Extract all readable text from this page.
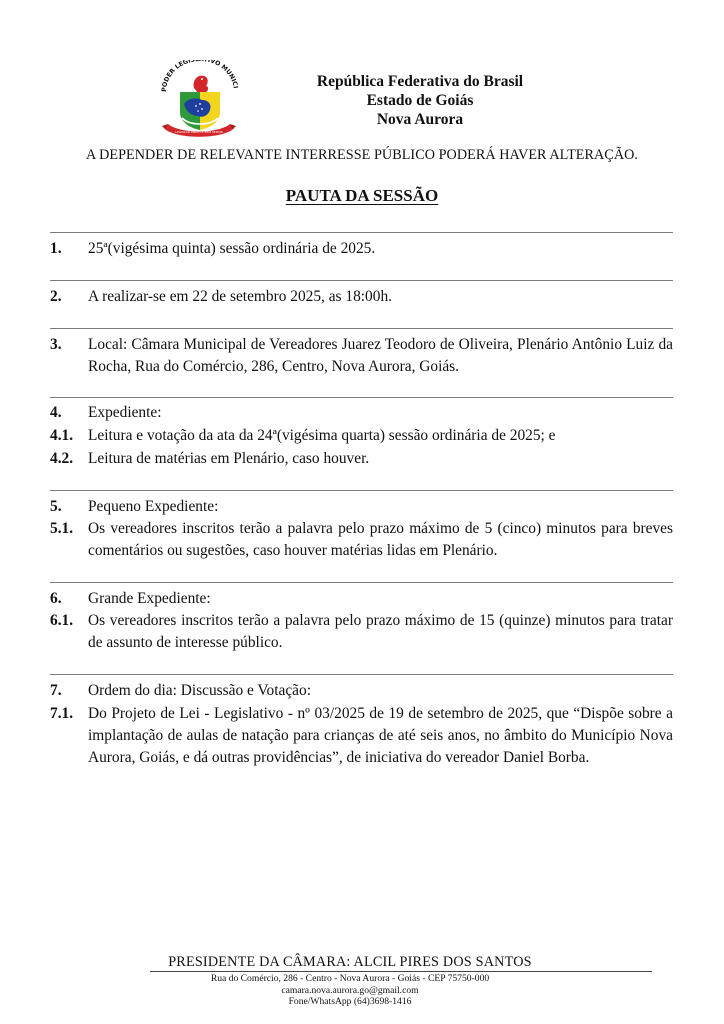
PODER LEGIS IVO MUNICI
LEGISLAR UNIDO E BEM SERVIR
República Federativa do Brasil
Estado de Goiás
Nova Aurora
A DEPENDER DE RELEVANTE INTERRESSE PÚBLICO PODERÁ HAVER ALTERAÇÃO.
PAUTA DA SESSÃO
1. 25ª(vigésima quinta) sessão ordinária de 2025.
2. A realizar-se em 22 de setembro 2025, as 18:00h.
3. Local: Câmara Municipal de Vereadores Juarez Teodoro de Oliveira, Plenário Antônio Luiz da Rocha, Rua do Comércio, 286, Centro, Nova Aurora, Goiás.
4. Expediente:
4.1. Leitura e votação da ata da 24ª(vigésima quarta) sessão ordinária de 2025; e
4.2. Leitura de matérias em Plenário, caso houver.
5. Pequeno Expediente:
5.1. Os vereadores inscritos terão a palavra pelo prazo máximo de 5 (cinco) minutos para breves comentários ou sugestões, caso houver matérias lidas em Plenário.
6. Grande Expediente:
6.1. Os vereadores inscritos terão a palavra pelo prazo máximo de 15 (quinze) minutos para tratar de assunto de interesse público.
7. Ordem do dia: Discussão e Votação:
7.1. Do Projeto de Lei - Legislativo - nº 03/2025 de 19 de setembro de 2025, que “Dispõe sobre a implantação de aulas de natação para crianças de até seis anos, no âmbito do Município Nova Aurora, Goiás, e dá outras providências”, de iniciativa do vereador Daniel Borba.
PRESIDENTE DA CÂMARA: ALCIL PIRES DOS SANTOS
Rua do Comércio, 286 - Centro - Nova Aurora - Goiás - CEP 75750-000
camara.nova.aurora.go@gmail.com
Fone/WhatsApp (64)3698-1416
